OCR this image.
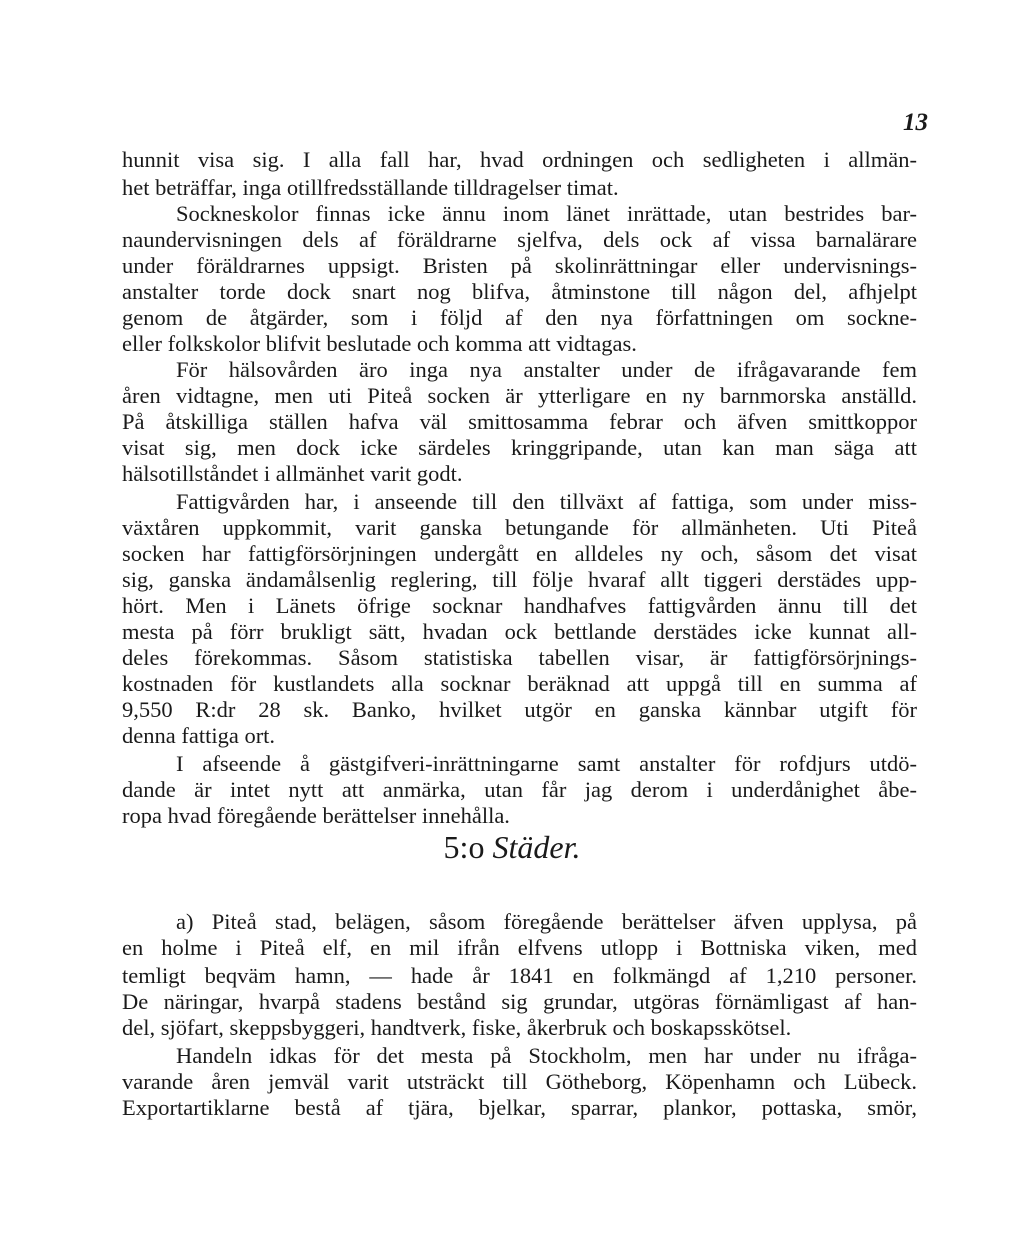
13
hunnit visa sig. I alla fall har, hvad ordningen och sedligheten i allmän-
het beträffar, inga otillfredsställande tilldragelser timat.
Sockneskolor finnas icke ännu inom länet inrättade, utan bestrides bar-
naundervisningen dels af föräldrarne sjelfva, dels ock af vissa barnalärare
under föräldrarnes uppsigt. Bristen på skolinrättningar eller undervisnings-
anstalter torde dock snart nog blifva, åtminstone till någon del, afhjelpt
genom de åtgärder, som i följd af den nya författningen om sockne-
eller folkskolor blifvit beslutade och komma att vidtagas.
För hälsovården äro inga nya anstalter under de ifrågavarande fem
åren vidtagne, men uti Piteå socken är ytterligare en ny barnmorska anställd.
På åtskilliga ställen hafva väl smittosamma febrar och äfven smittkoppor
visat sig, men dock icke särdeles kringgripande, utan kan man säga att
hälsotillståndet i allmänhet varit godt.
Fattigvården har, i anseende till den tillväxt af fattiga, som under miss-
växtåren uppkommit, varit ganska betungande för allmänheten. Uti Piteå
socken har fattigförsörjningen undergått en alldeles ny och, såsom det visat
sig, ganska ändamålsenlig reglering, till följe hvaraf allt tiggeri derstädes upp-
hört. Men i Länets öfrige socknar handhafves fattigvården ännu till det
mesta på förr brukligt sätt, hvadan ock bettlande derstädes icke kunnat all-
deles förekommas. Såsom statistiska tabellen visar, är fattigförsörjnings-
kostnaden för kustlandets alla socknar beräknad att uppgå till en summa af
9,550 R:dr 28 sk. Banko, hvilket utgör en ganska kännbar utgift för
denna fattiga ort.
I afseende å gästgifveri-inrättningarne samt anstalter för rofdjurs utdö-
dande är intet nytt att anmärka, utan får jag derom i underdånighet åbe-
ropa hvad föregående berättelser innehålla.
5:o Städer.
a) Piteå stad, belägen, såsom föregående berättelser äfven upplysa, på
en holme i Piteå elf, en mil ifrån elfvens utlopp i Bottniska viken, med
temligt beqväm hamn, — hade år 1841 en folkmängd af 1,210 personer.
De näringar, hvarpå stadens bestånd sig grundar, utgöras förnämligast af han-
del, sjöfart, skeppsbyggeri, handtverk, fiske, åkerbruk och boskapsskötsel.
Handeln idkas för det mesta på Stockholm, men har under nu ifråga-
varande åren jemväl varit utsträckt till Götheborg, Köpenhamn och Lübeck.
Exportartiklarne bestå af tjära, bjelkar, sparrar, plankor, pottaska, smör,
